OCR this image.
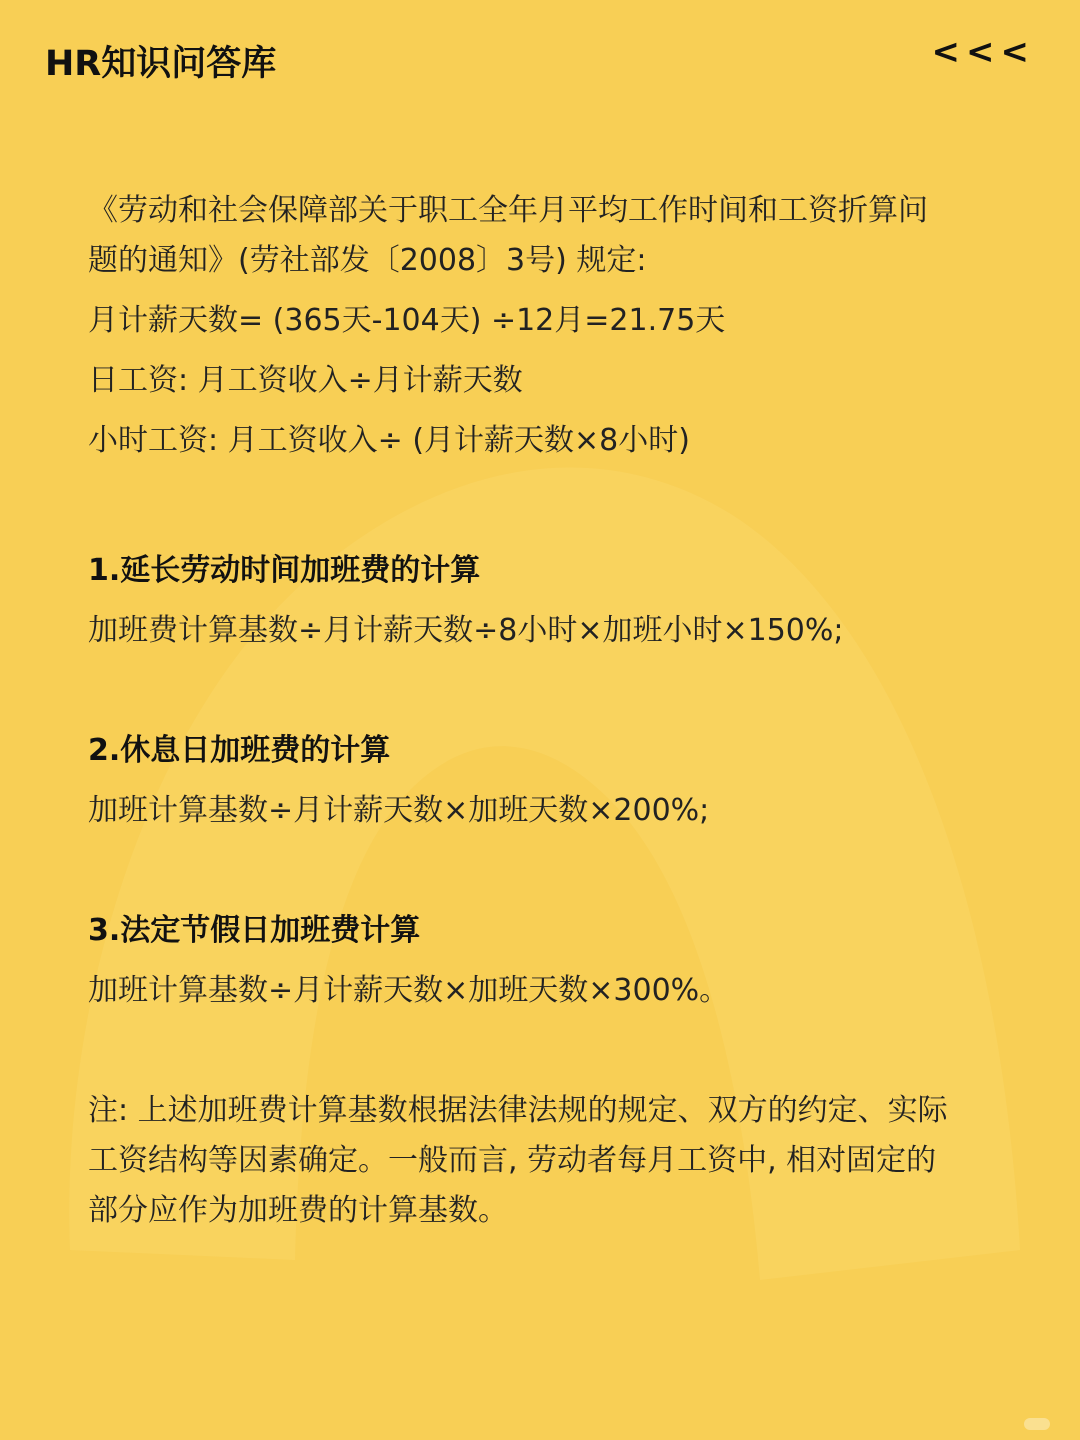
HR知识问答库	<<<

《劳动和社会保障部关于职工全年月平均工作时间和工资折算问

题的通知》(劳社部发〔2008〕3号) 规定:

月计薪天数= (365天-104天) ÷12月=21.75天

日工资: 月工资收入÷月计薪天数

小时工资: 月工资收入÷ (月计薪天数×8小时)

1.延长劳动时间加班费的计算

加班费计算基数÷月计薪天数÷8小时×加班小时×150%;

2.休息日加班费的计算

加班计算基数÷月计薪天数×加班天数×200%;

3.法定节假日加班费计算

加班计算基数÷月计薪天数×加班天数×300%。

注: 上述加班费计算基数根据法律法规的规定、双方的约定、实际

工资结构等因素确定。一般而言, 劳动者每月工资中, 相对固定的

部分应作为加班费的计算基数。
